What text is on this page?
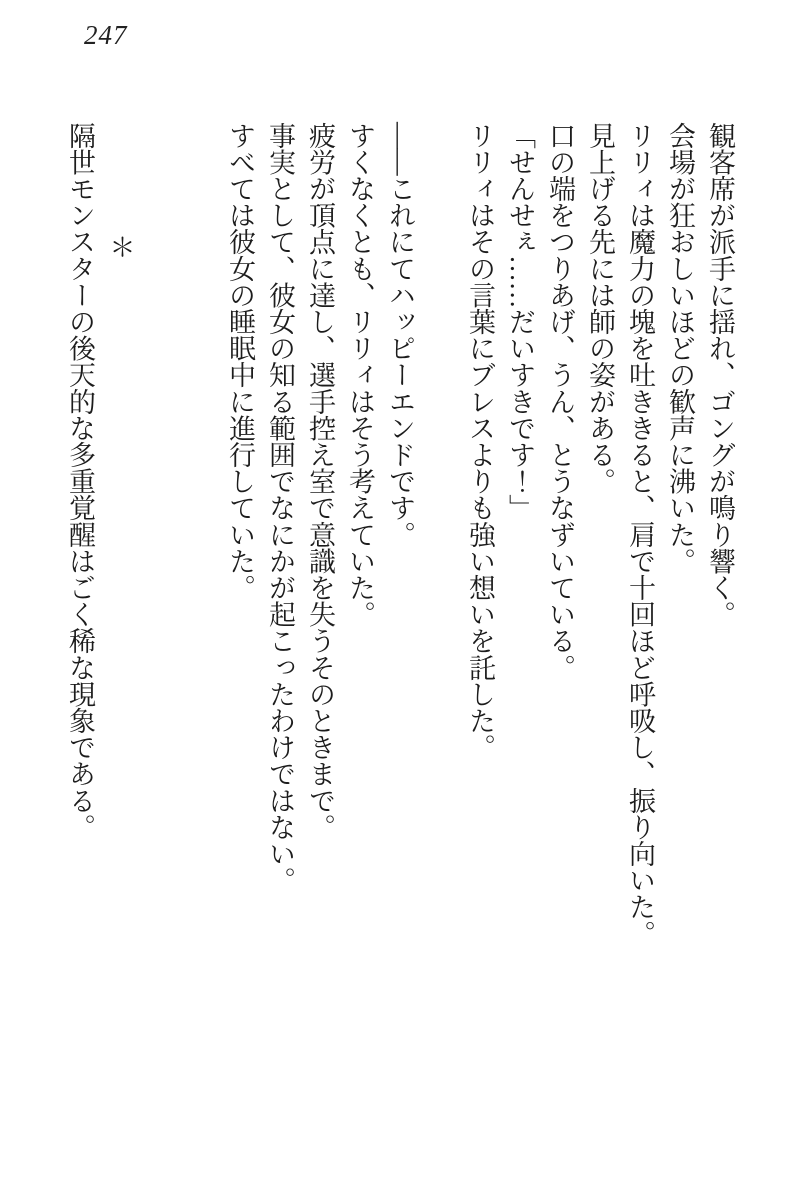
247

観客席が派手に揺れ、ゴングが鳴り響く。

会場が狂おしいほどの歓声に沸いた。

リリィは魔力の塊を吐ききると、肩で十回ほど呼吸し、振り向いた。

見上げる先には師の姿がある。

口の端をつりあげ、うん、とうなずいている。

「せんせぇ……だいすきです！」

リリィはその言葉にブレスよりも強い想いを託した。

――これにてハッピーエンドです。

すくなくとも、リリィはそう考えていた。

疲労が頂点に達し、選手控え室で意識を失うそのときまで。

事実として、彼女の知る範囲でなにかが起こったわけではない。

すべては彼女の睡眠中に進行していた。

＊

隔世モンスターの後天的な多重覚醒はごく稀な現象である。
